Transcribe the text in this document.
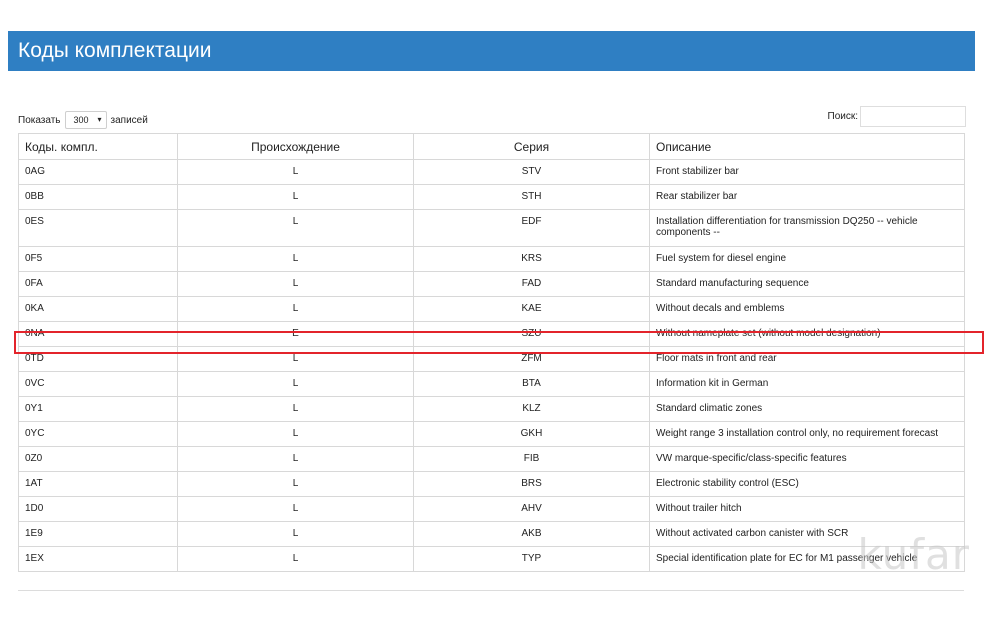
Коды комплектации
Показать	300 ▾ записей	Поиск:
Коды. компл.	Происхождение	Серия	Описание
0AG	L	STV	Front stabilizer bar
0BB	L	STH	Rear stabilizer bar
0ES	L	EDF	Installation differentiation for transmission DQ250 -- vehicle components --
0F5	L	KRS	Fuel system for diesel engine
0FA	L	FAD	Standard manufacturing sequence
0KA	L	KAE	Without decals and emblems
0NA	E	SZU	Without nameplate set (without model designation)
0TD	L	ZFM	Floor mats in front and rear
0VC	L	BTA	Information kit in German
0Y1	L	KLZ	Standard climatic zones
0YC	L	GKH	Weight range 3 installation control only, no requirement forecast
0Z0	L	FIB	VW marque-specific/class-specific features
1AT	L	BRS	Electronic stability control (ESC)
1D0	L	AHV	Without trailer hitch
1E9	L	AKB	Without activated carbon canister with SCR
1EX	L	TYP	Special identification plate for EC for M1 passenger vehicle
kufar
